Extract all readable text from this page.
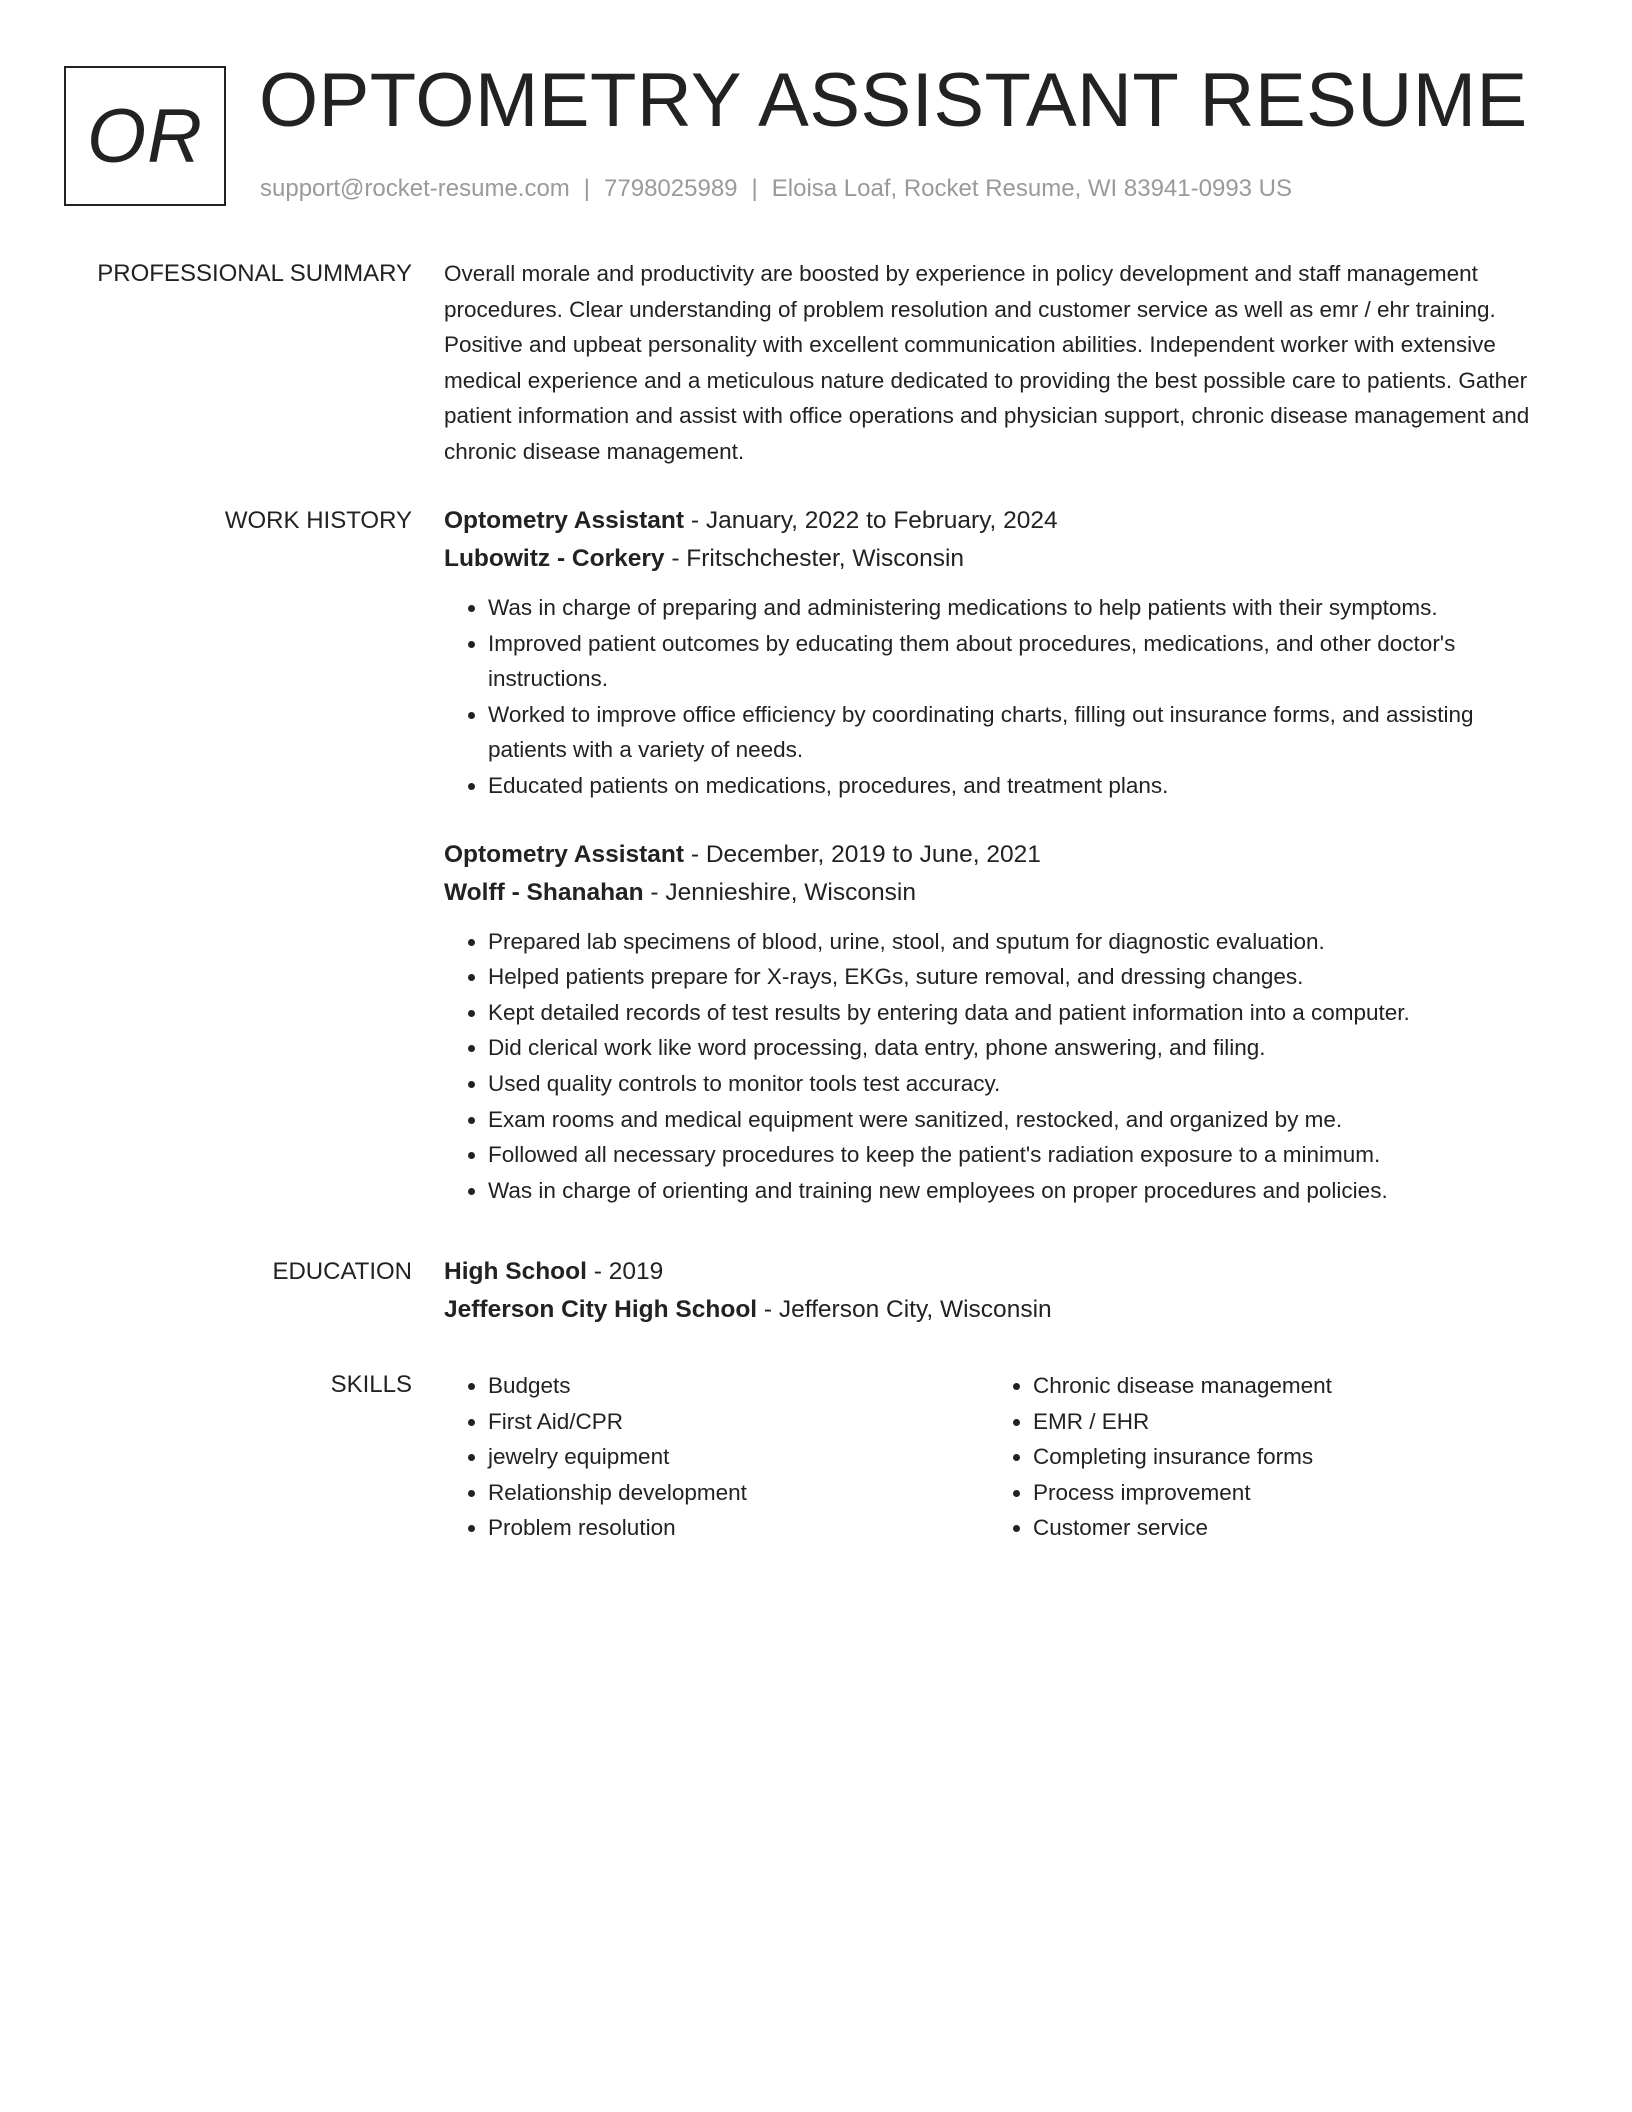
OR OPTOMETRY ASSISTANT RESUME
support@rocket-resume.com | 7798025989 | Eloisa Loaf, Rocket Resume, WI 83941-0993 US
PROFESSIONAL SUMMARY Overall morale and productivity are boosted by experience in policy development and staff management procedures. Clear understanding of problem resolution and customer service as well as emr / ehr training. Positive and upbeat personality with excellent communication abilities. Independent worker with extensive medical experience and a meticulous nature dedicated to providing the best possible care to patients. Gather patient information and assist with office operations and physician support, chronic disease management and chronic disease management.

WORK HISTORY Optometry Assistant - January, 2022 to February, 2024
Lubowitz - Corkery - Fritschchester, Wisconsin
• Was in charge of preparing and administering medications to help patients with their symptoms.
• Improved patient outcomes by educating them about procedures, medications, and other doctor's instructions.
• Worked to improve office efficiency by coordinating charts, filling out insurance forms, and assisting patients with a variety of needs.
• Educated patients on medications, procedures, and treatment plans.
Optometry Assistant - December, 2019 to June, 2021
Wolff - Shanahan - Jennieshire, Wisconsin
• Prepared lab specimens of blood, urine, stool, and sputum for diagnostic evaluation.
• Helped patients prepare for X-rays, EKGs, suture removal, and dressing changes.
• Kept detailed records of test results by entering data and patient information into a computer.
• Did clerical work like word processing, data entry, phone answering, and filing.
• Used quality controls to monitor tools test accuracy.
• Exam rooms and medical equipment were sanitized, restocked, and organized by me.
• Followed all necessary procedures to keep the patient's radiation exposure to a minimum.
• Was in charge of orienting and training new employees on proper procedures and policies.
EDUCATION High School - 2019
Jefferson City High School - Jefferson City, Wisconsin
SKILLS
•	Budgets
• First Aid/CPR
• jewelry equipment
• Relationship development
• Problem resolution
• Chronic disease management
• EMR / EHR
• Completing insurance forms
• Process improvement
• Customer service
